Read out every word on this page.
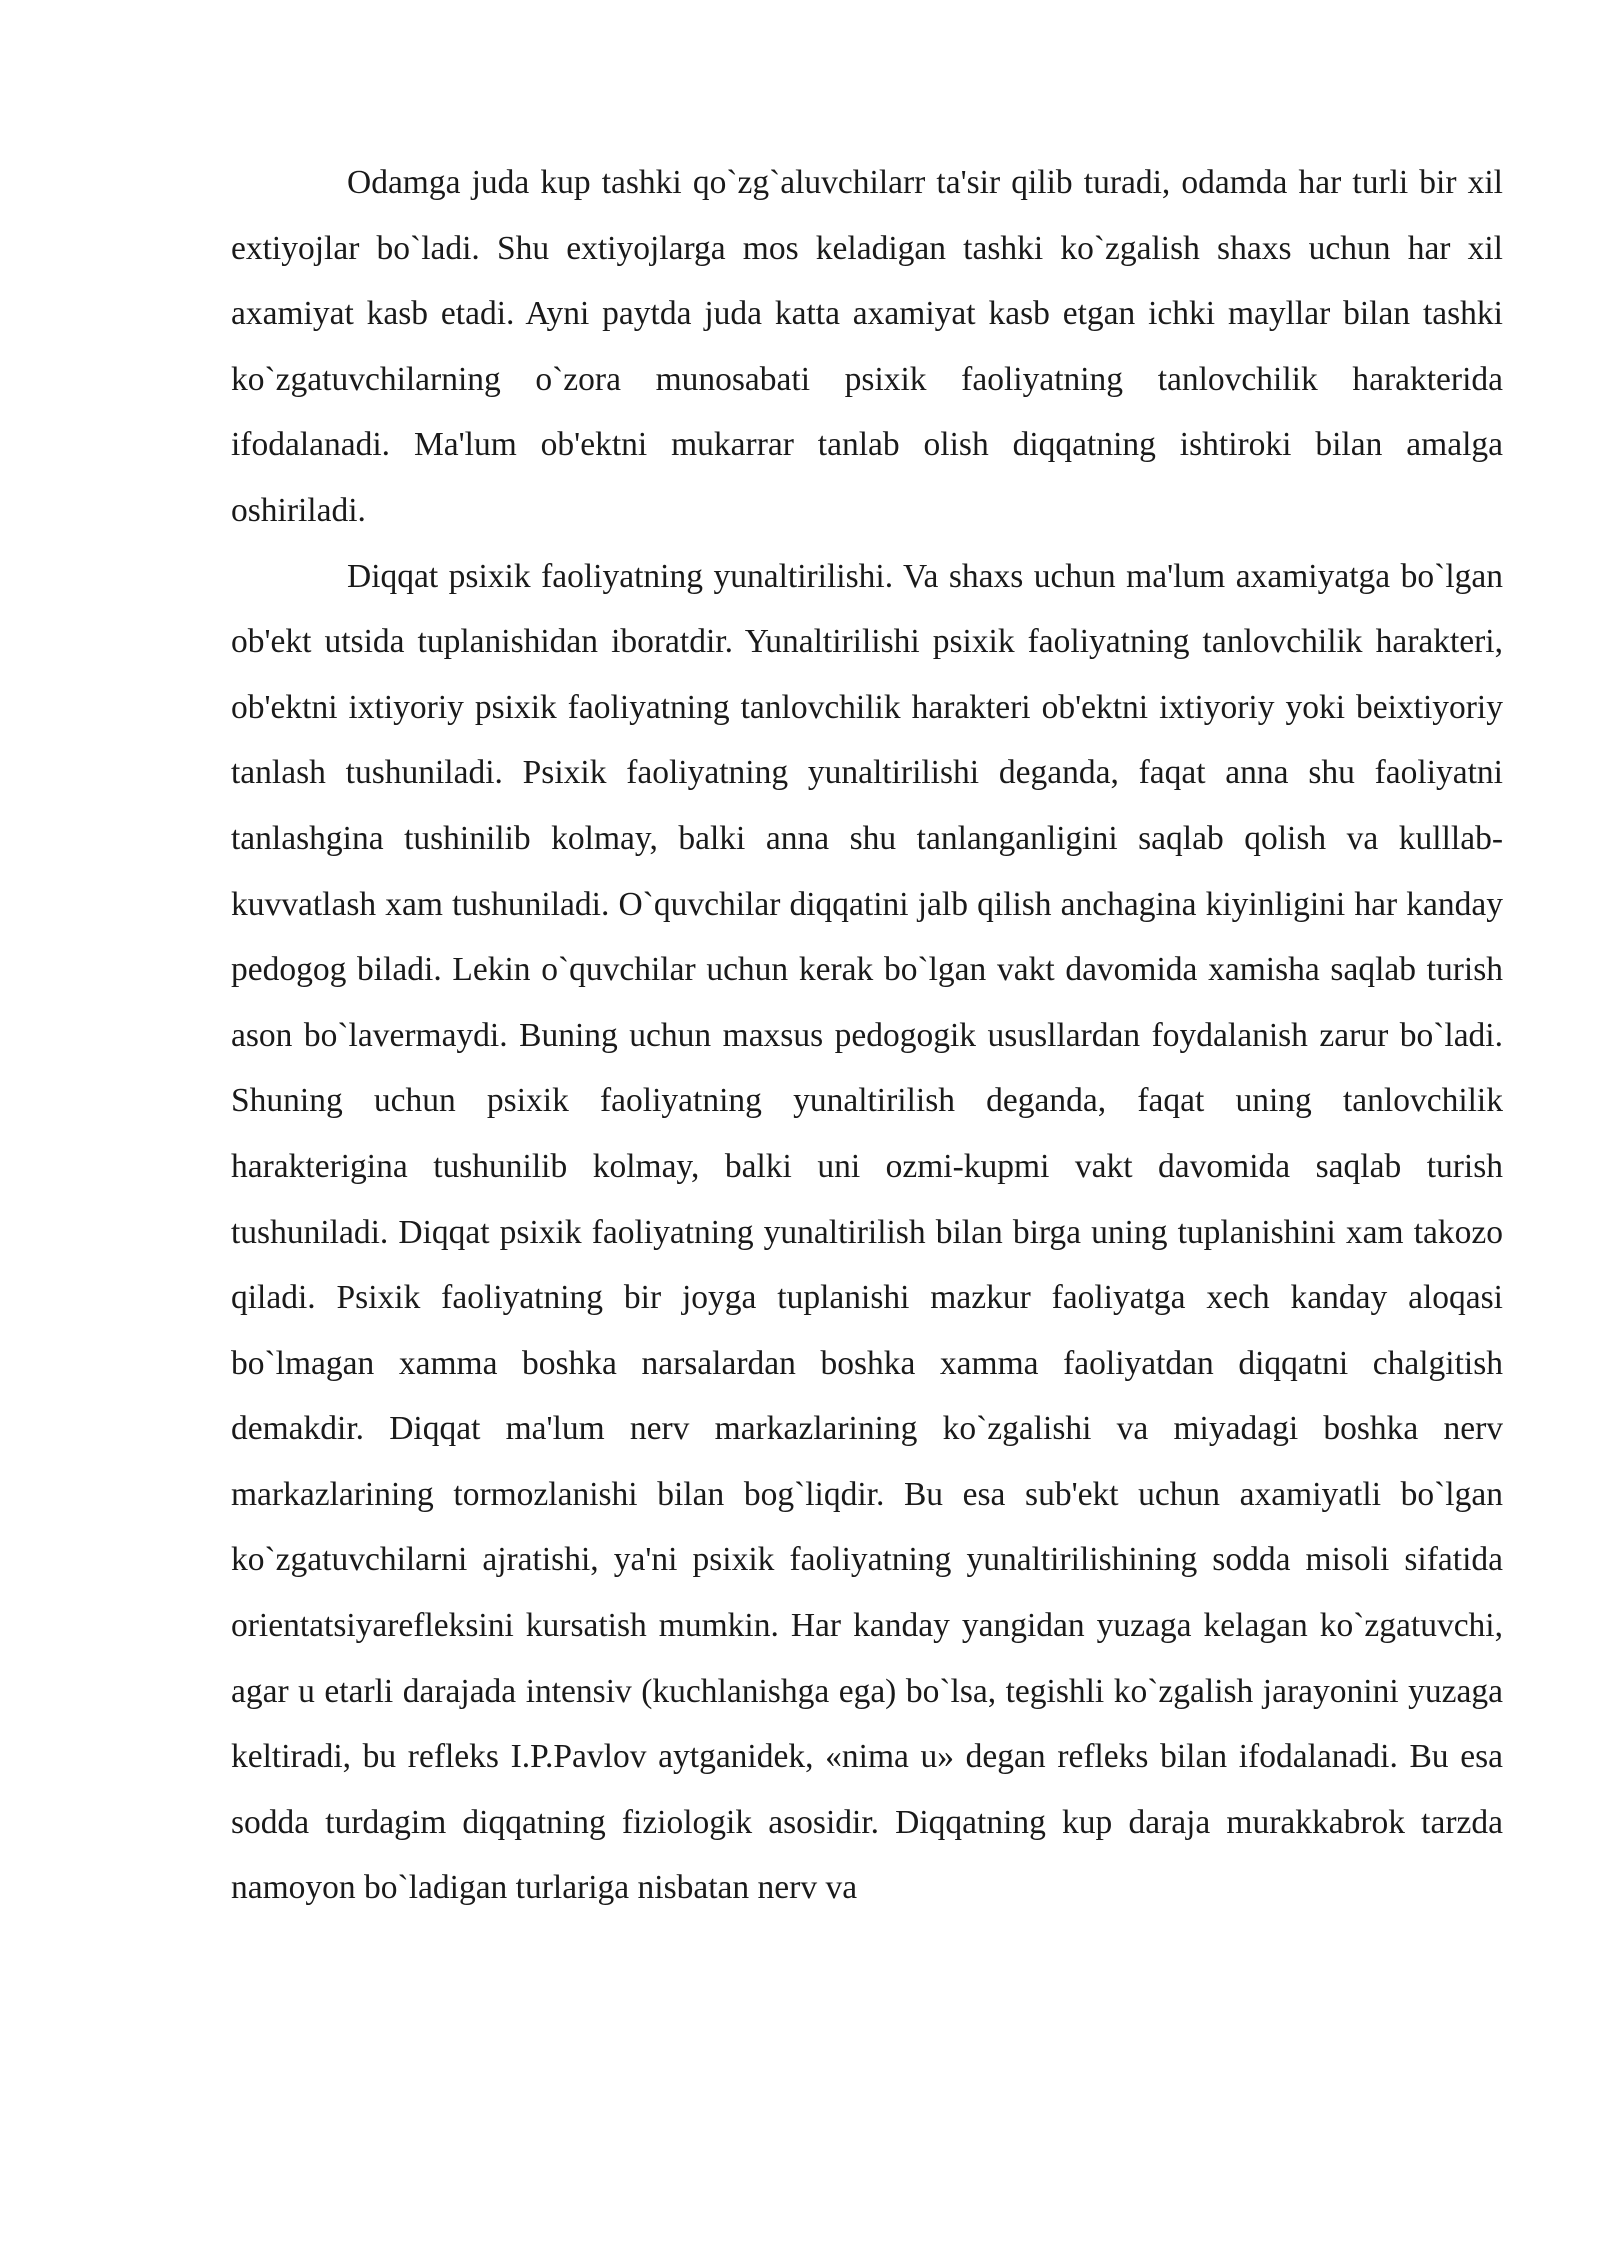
Odamga juda kup tashki qo`zg`aluvchilarr ta'sir qilib turadi, odamda har turli bir xil extiyojlar bo`ladi. Shu extiyojlarga mos keladigan tashki ko`zgalish shaxs uchun har xil axamiyat kasb etadi. Ayni paytda juda katta axamiyat kasb etgan ichki mayllar bilan tashki ko`zgatuvchilarning o`zora munosabati psixik faoliyatning tanlovchilik harakterida ifodalanadi. Ma'lum ob'ektni mukarrar tanlab olish diqqatning ishtiroki bilan amalga oshiriladi.

Diqqat psixik faoliyatning yunaltirilishi. Va shaxs uchun ma'lum axamiyatga bo`lgan ob'ekt utsida tuplanishidan iboratdir. Yunaltirilishi psixik faoliyatning tanlovchilik harakteri, ob'ektni ixtiyoriy psixik faoliyatning tanlovchilik harakteri ob'ektni ixtiyoriy yoki beixtiyoriy tanlash tushuniladi. Psixik faoliyatning yunaltirilishi deganda, faqat anna shu faoliyatni tanlashgina tushinilib kolmay, balki anna shu tanlanganligini saqlab qolish va kulllab-kuvvatlash xam tushuniladi. O`quvchilar diqqatini jalb qilish anchagina kiyinligini har kanday pedogog biladi. Lekin o`quvchilar uchun kerak bo`lgan vakt davomida xamisha saqlab turish ason bo`lavermaydi. Buning uchun maxsus pedogogik ususllardan foydalanish zarur bo`ladi. Shuning uchun psixik faoliyatning yunaltirilish deganda, faqat uning tanlovchilik harakterigina tushunilib kolmay, balki uni ozmi-kupmi vakt davomida saqlab turish tushuniladi. Diqqat psixik faoliyatning yunaltirilish bilan birga uning tuplanishini xam takozo qiladi. Psixik faoliyatning bir joyga tuplanishi mazkur faoliyatga xech kanday aloqasi bo`lmagan xamma boshka narsalardan boshka xamma faoliyatdan diqqatni chalgitish demakdir. Diqqat ma'lum nerv markazlarining ko`zgalishi va miyadagi boshka nerv markazlarining tormozlanishi bilan bog`liqdir. Bu esa sub'ekt uchun axamiyatli bo`lgan ko`zgatuvchilarni ajratishi, ya'ni psixik faoliyatning yunaltirilishining sodda misoli sifatida orientatsiyarefleksini kursatish mumkin. Har kanday yangidan yuzaga kelagan ko`zgatuvchi, agar u etarli darajada intensiv (kuchlanishga ega) bo`lsa, tegishli ko`zgalish jarayonini yuzaga keltiradi, bu refleks I.P.Pavlov aytganidek, «nima u» degan refleks bilan ifodalanadi. Bu esa sodda turdagim diqqatning fiziologik asosidir. Diqqatning kup daraja murakkabrok tarzda namoyon bo`ladigan turlariga nisbatan nerv va
